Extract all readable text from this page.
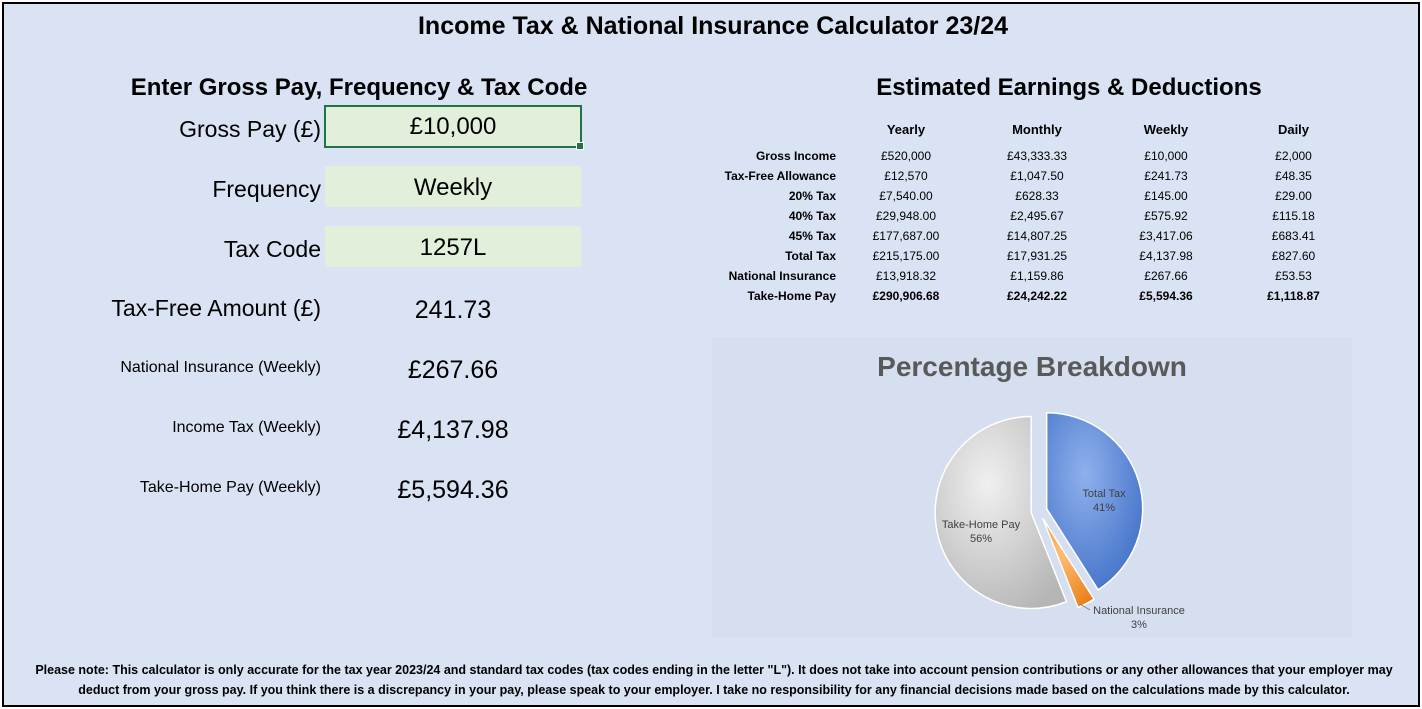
Income Tax & National Insurance Calculator 23/24
Enter Gross Pay, Frequency & Tax Code
Gross Pay (£)	£10,000
Frequency	Weekly
Tax Code	1257L
Tax-Free Amount (£)	241.73
National Insurance (Weekly)	£267.66
Income Tax (Weekly)	£4,137.98
Take-Home Pay (Weekly)	£5,594.36
Estimated Earnings & Deductions
	Yearly	Monthly	Weekly	Daily
Gross Income	£520,000	£43,333.33	£10,000	£2,000
Tax-Free Allowance	£12,570	£1,047.50	£241.73	£48.35
20% Tax	£7,540.00	£628.33	£145.00	£29.00
40% Tax	£29,948.00	£2,495.67	£575.92	£115.18
45% Tax	£177,687.00	£14,807.25	£3,417.06	£683.41
Total Tax	£215,175.00	£17,931.25	£4,137.98	£827.60
National Insurance	£13,918.32	£1,159.86	£267.66	£53.53
Take-Home Pay	£290,906.68	£24,242.22	£5,594.36	£1,118.87
Percentage Breakdown
Total Tax
41%
Take-Home Pay
56%
National Insurance
3%
Please note: This calculator is only accurate for the tax year 2023/24 and standard tax codes (tax codes ending in the letter "L"). It does not take into account pension contributions or any other allowances that your employer may
deduct from your gross pay. If you think there is a discrepancy in your pay, please speak to your employer. I take no responsibility for any financial decisions made based on the calculations made by this calculator.
